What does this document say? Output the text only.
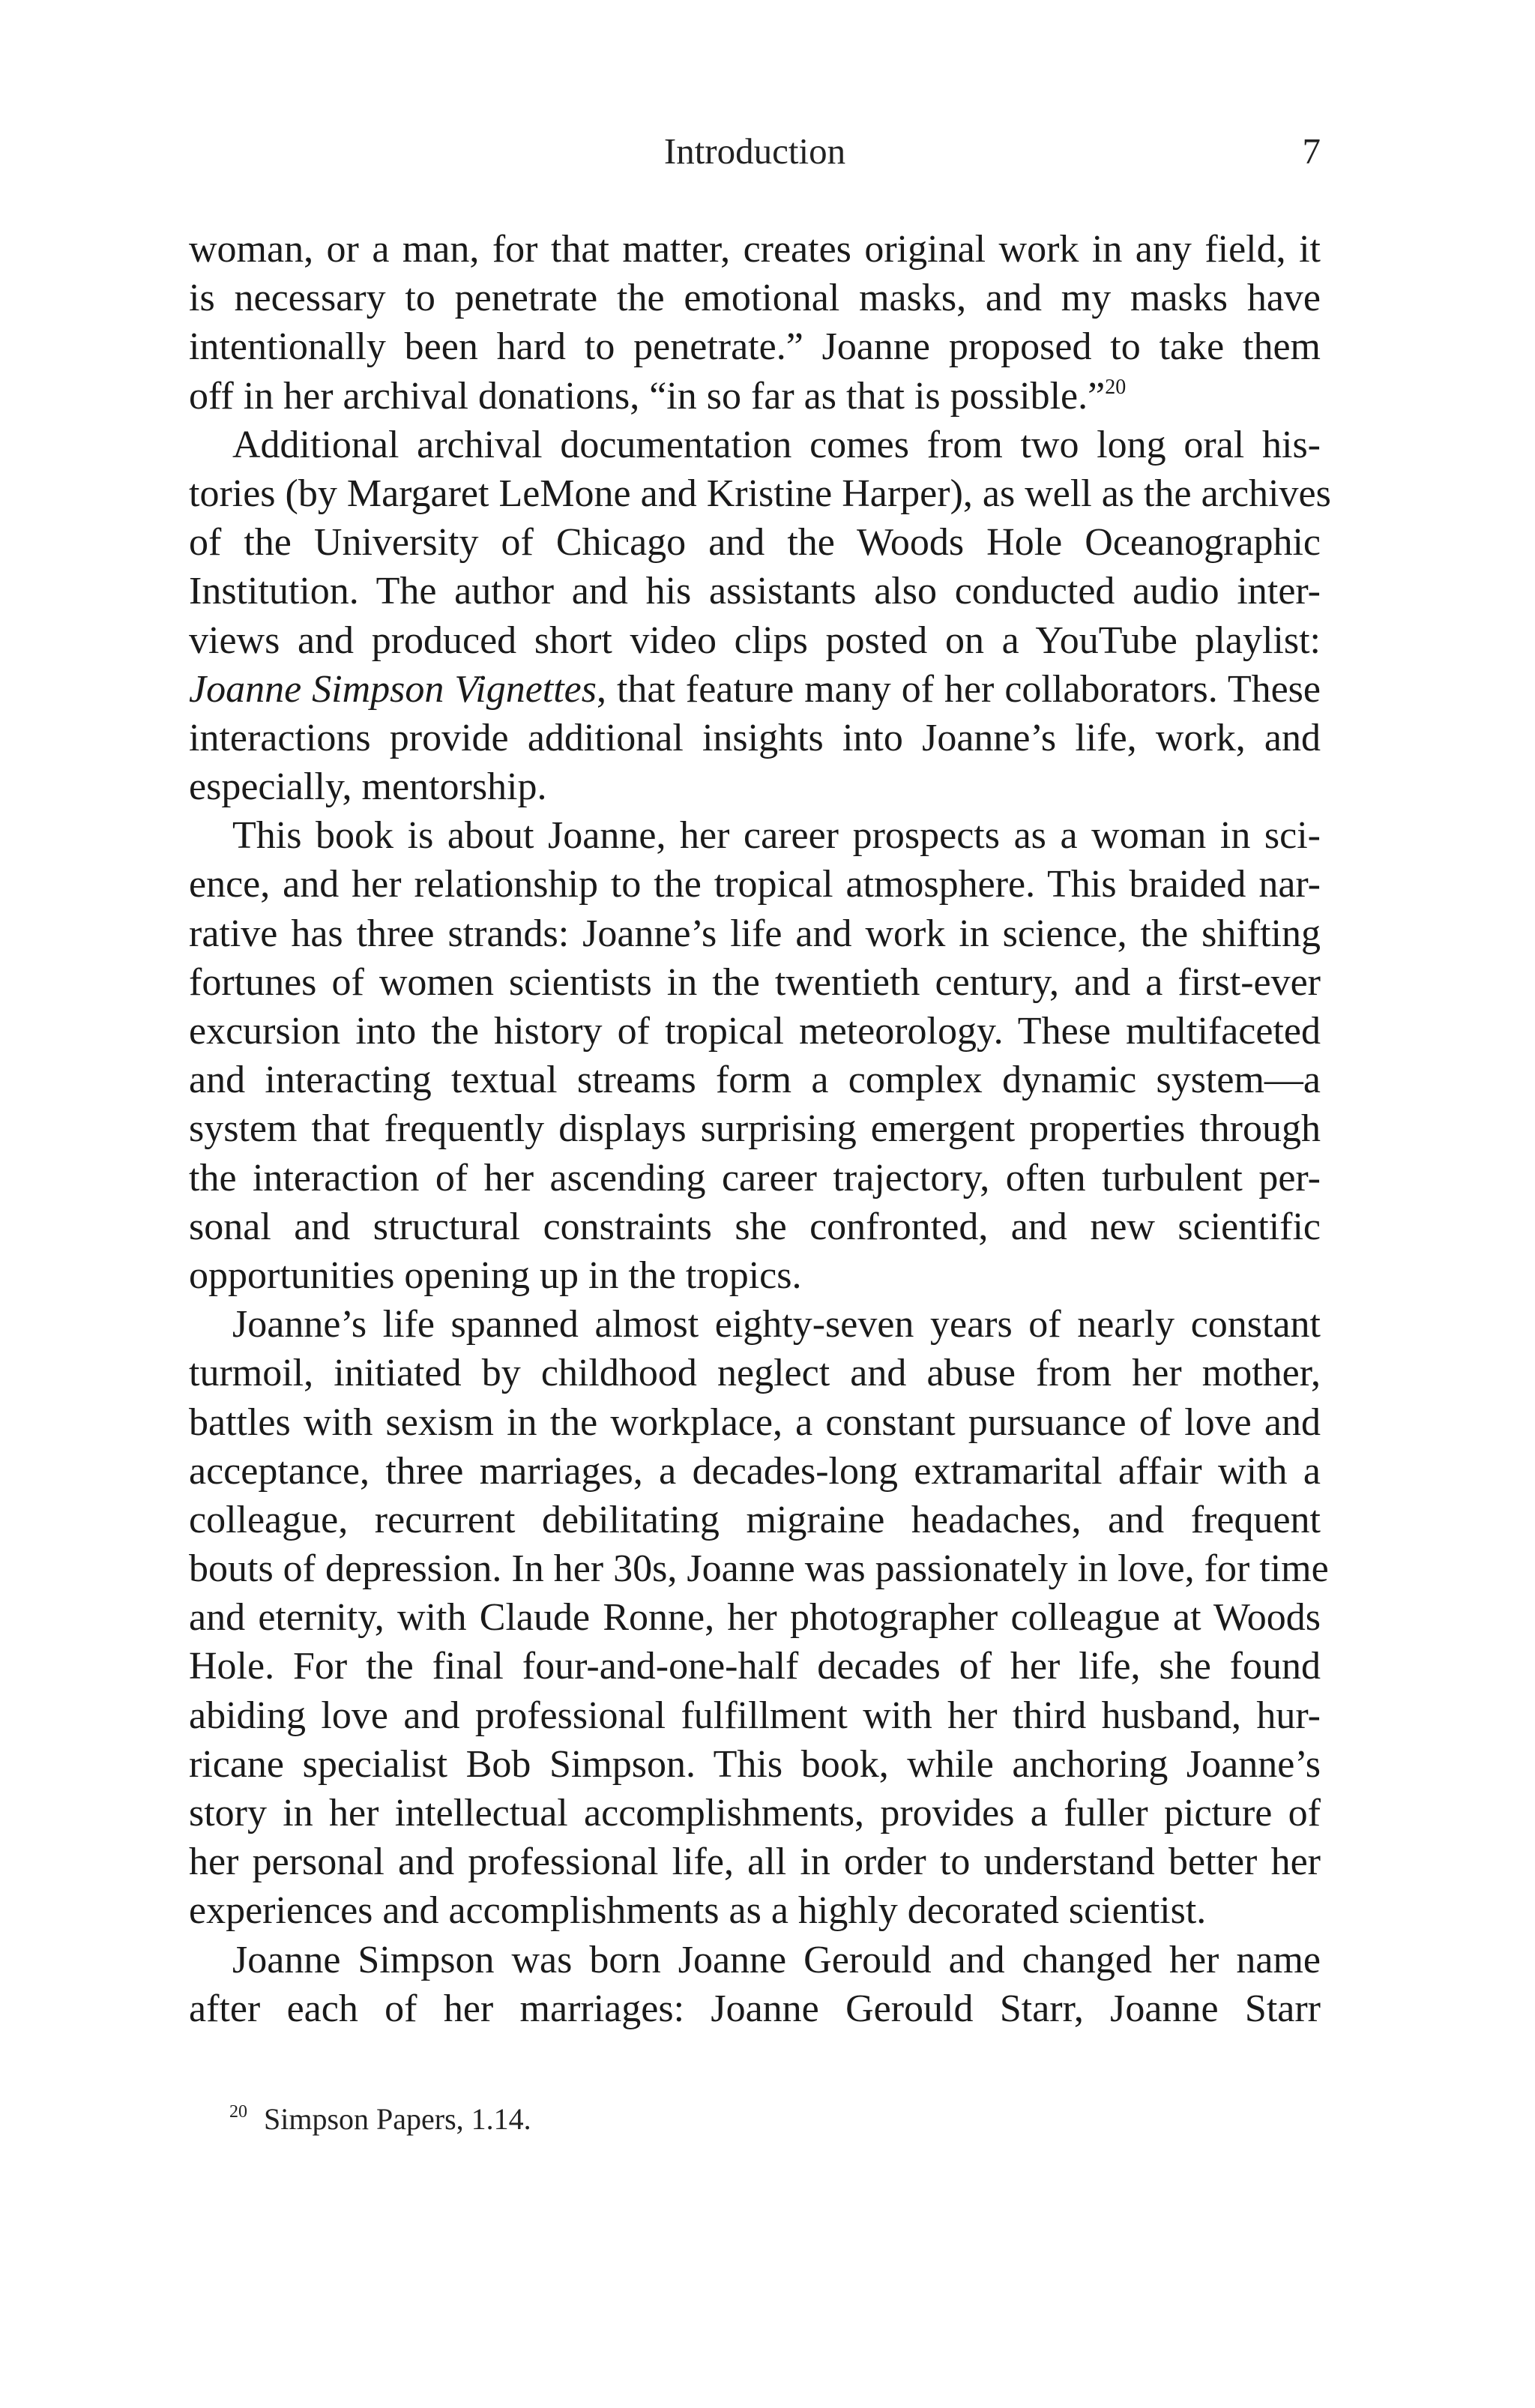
Introduction	7
woman, or a man, for that matter, creates original work in any field, it
is necessary to penetrate the emotional masks, and my masks have
intentionally been hard to penetrate.” Joanne proposed to take them
off in her archival donations, “in so far as that is possible.”$^{20}$
Additional archival documentation comes from two long oral his-
tories (by Margaret LeMone and Kristine Harper), as well as the archives
of the University of Chicago and the Woods Hole Oceanographic
Institution. The author and his assistants also conducted audio inter-
views and produced short video clips posted on a YouTube playlist:
Joanne Simpson Vignettes, that feature many of her collaborators. These
interactions provide additional insights into Joanne’s life, work, and
especially, mentorship.
This book is about Joanne, her career prospects as a woman in sci-
ence, and her relationship to the tropical atmosphere. This braided nar-
rative has three strands: Joanne’s life and work in science, the shifting
fortunes of women scientists in the twentieth century, and a first-ever
excursion into the history of tropical meteorology. These multifaceted
and interacting textual streams form a complex dynamic system—a
system that frequently displays surprising emergent properties through
the interaction of her ascending career trajectory, often turbulent per-
sonal and structural constraints she confronted, and new scientific
opportunities opening up in the tropics.
Joanne’s life spanned almost eighty-seven years of nearly constant
turmoil, initiated by childhood neglect and abuse from her mother,
battles with sexism in the workplace, a constant pursuance of love and
acceptance, three marriages, a decades-long extramarital affair with a
colleague, recurrent debilitating migraine headaches, and frequent
bouts of depression. In her 30s, Joanne was passionately in love, for time
and eternity, with Claude Ronne, her photographer colleague at Woods
Hole. For the final four-and-one-half decades of her life, she found
abiding love and professional fulfillment with her third husband, hur-
ricane specialist Bob Simpson. This book, while anchoring Joanne’s
story in her intellectual accomplishments, provides a fuller picture of
her personal and professional life, all in order to understand better her
experiences and accomplishments as a highly decorated scientist.
Joanne Simpson was born Joanne Gerould and changed her name
after each of her marriages: Joanne Gerould Starr, Joanne Starr
$^{20}$ Simpson Papers, 1.14.
